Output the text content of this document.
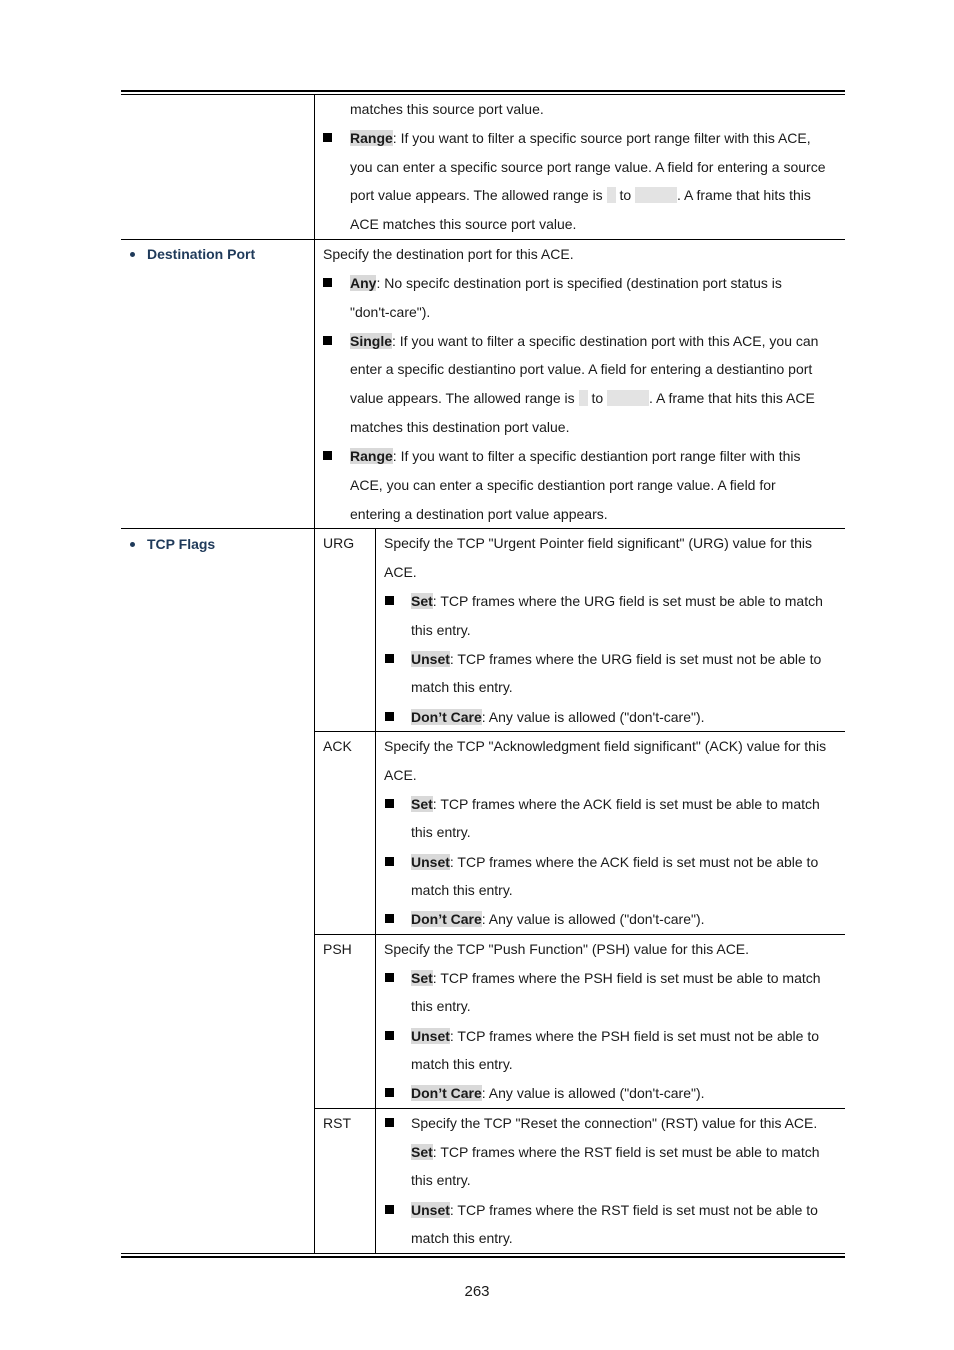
matches this source port value.
Range: If you want to filter a specific source port range filter with this ACE,
you can enter a specific source port range value. A field for entering a source
port value appears. The allowed range is to	. A frame that hits this
ACE matches this source port value.
Destination Port	Specify the destination port for this ACE.
Any: No specifc destination port is specified (destination port status is
"don't-care").
Single: If you want to filter a specific destination port with this ACE, you can
enter a specific destiantino port value. A field for entering a destiantino port
value appears. The allowed range is to	. A frame that hits this ACE
matches this destination port value.
Range: If you want to filter a specific destiantion port range filter with this
ACE, you can enter a specific destiantion port range value. A field for
entering a destination port value appears.
TCP Flags	URG Specify the TCP "Urgent Pointer field significant" (URG) value for this
ACE.
Set: TCP frames where the URG field is set must be able to match
this entry.
Unset: TCP frames where the URG field is set must not be able to
match this entry.
Don’t Care: Any value is allowed ("don't-care").
ACK Specify the TCP "Acknowledgment field significant" (ACK) value for this
ACE.
Set: TCP frames where the ACK field is set must be able to match
this entry.
Unset: TCP frames where the ACK field is set must not be able to
match this entry.
Don’t Care: Any value is allowed ("don't-care").
PSH Specify the TCP "Push Function" (PSH) value for this ACE.
Set: TCP frames where the PSH field is set must be able to match
this entry.
Unset: TCP frames where the PSH field is set must not be able to
match this entry.
Don’t Care: Any value is allowed ("don't-care").
RST	Specify the TCP "Reset the connection" (RST) value for this ACE.
Set: TCP frames where the RST field is set must be able to match
this entry.
Unset: TCP frames where the RST field is set must not be able to
match this entry.
263
